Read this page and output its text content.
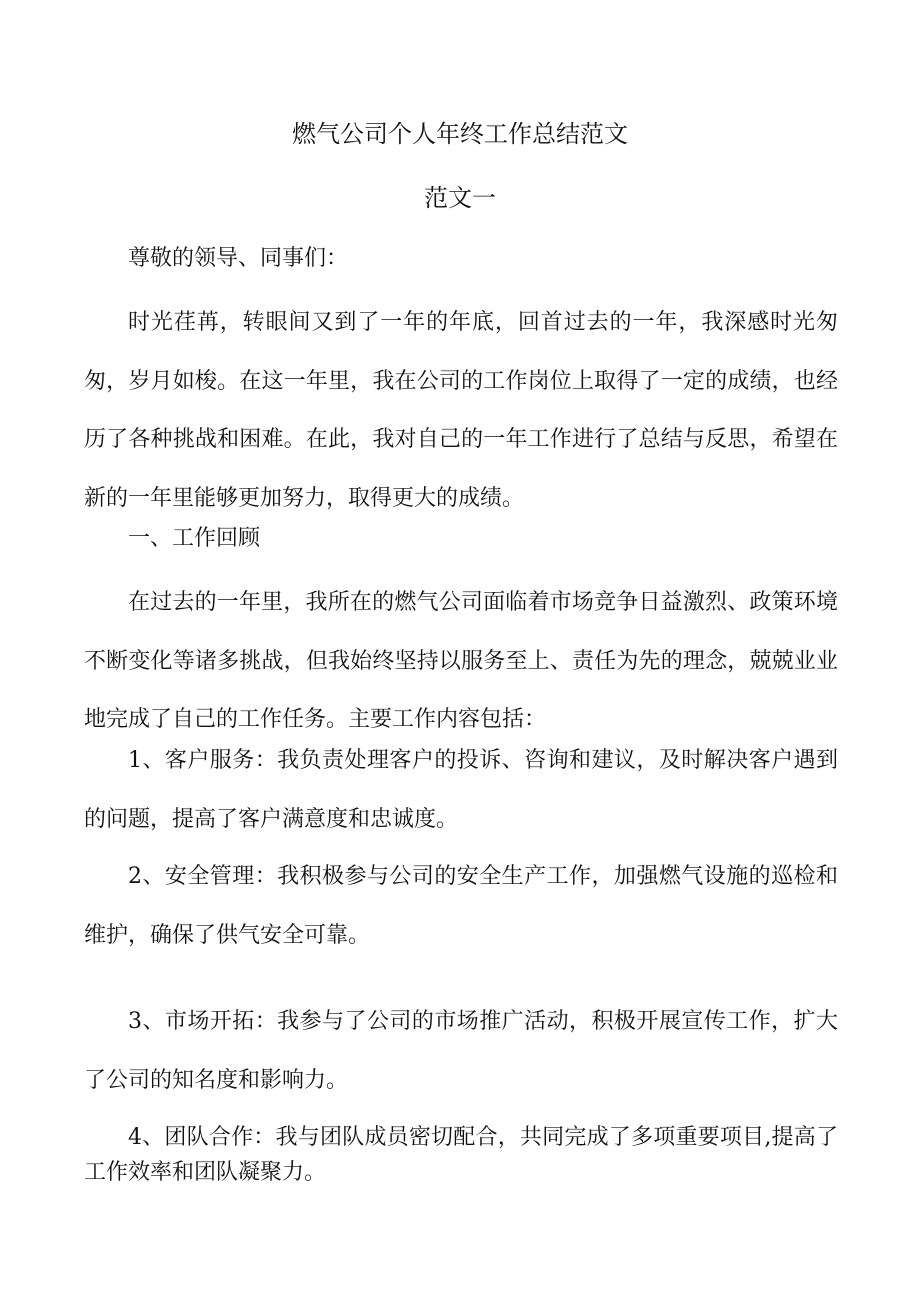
燃气公司个人年终工作总结范文
范文一

尊敬的领导、同事们：

时光荏苒，转眼间又到了一年的年底，回首过去的一年，我深感时光匆匆，岁月如梭。在这一年里，我在公司的工作岗位上取得了一定的成绩，也经历了各种挑战和困难。在此，我对自己的一年工作进行了总结与反思，希望在新的一年里能够更加努力，取得更大的成绩。

一、工作回顾

在过去的一年里，我所在的燃气公司面临着市场竞争日益激烈、政策环境不断变化等诸多挑战，但我始终坚持以服务至上、责任为先的理念，兢兢业业地完成了自己的工作任务。主要工作内容包括：

1、客户服务：我负责处理客户的投诉、咨询和建议，及时解决客户遇到的问题，提高了客户满意度和忠诚度。

2、安全管理：我积极参与公司的安全生产工作，加强燃气设施的巡检和维护，确保了供气安全可靠。

3、市场开拓：我参与了公司的市场推广活动，积极开展宣传工作，扩大了公司的知名度和影响力。

4、团队合作：我与团队成员密切配合，共同完成了多项重要项目,提高了工作效率和团队凝聚力。
